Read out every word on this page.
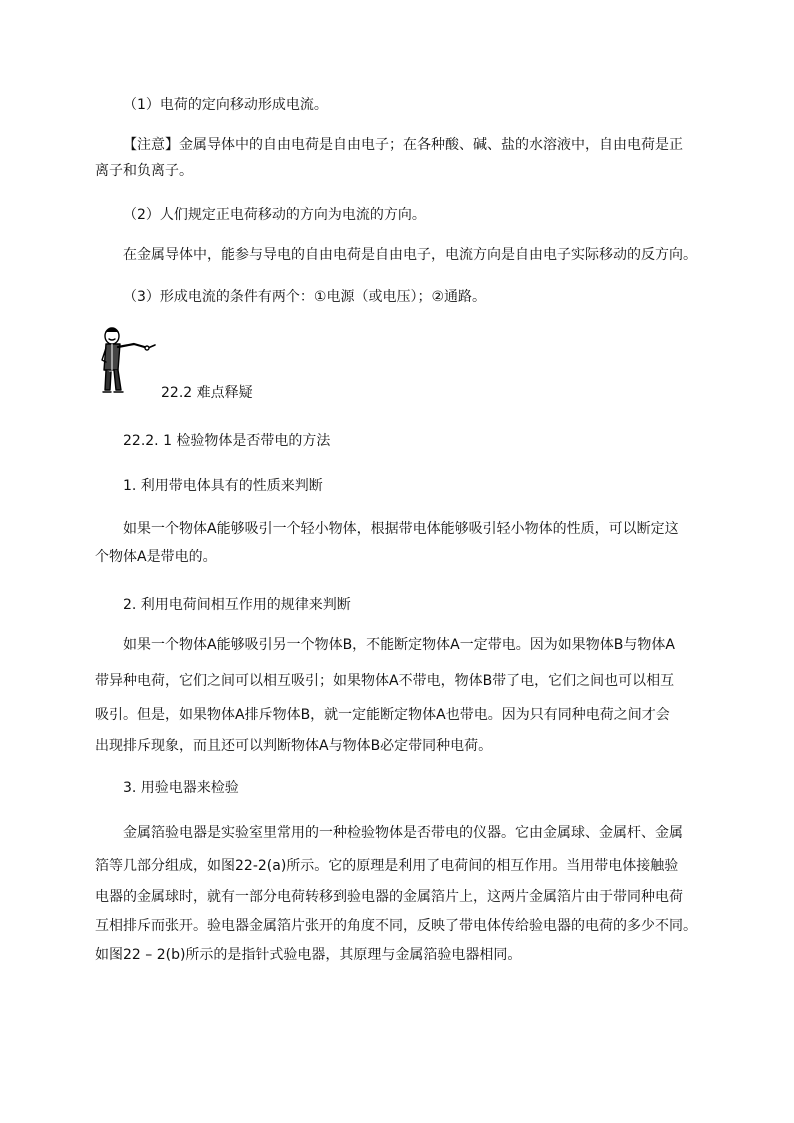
（1）电荷的定向移动形成电流。
【注意】金属导体中的自由电荷是自由电子；在各种酸、碱、盐的水溶液中，自由电荷是正
离子和负离子。
（2）人们规定正电荷移动的方向为电流的方向。
在金属导体中，能参与导电的自由电荷是自由电子，电流方向是自由电子实际移动的反方向。
（3）形成电流的条件有两个：①电源（或电压）；②通路。
22.2 难点释疑
22.2. 1 检验物体是否带电的方法
1. 利用带电体具有的性质来判断
如果一个物体A能够吸引一个轻小物体，根据带电体能够吸引轻小物体的性质，可以断定这
个物体A是带电的。
2. 利用电荷间相互作用的规律来判断
如果一个物体A能够吸引另一个物体B，不能断定物体A一定带电。因为如果物体B与物体A
带异种电荷，它们之间可以相互吸引；如果物体A不带电，物体B带了电，它们之间也可以相互
吸引。但是，如果物体A排斥物体B，就一定能断定物体A也带电。因为只有同种电荷之间才会
出现排斥现象，而且还可以判断物体A与物体B必定带同种电荷。
3. 用验电器来检验
金属箔验电器是实验室里常用的一种检验物体是否带电的仪器。它由金属球、金属杆、金属
箔等几部分组成，如图22-2(a)所示。它的原理是利用了电荷间的相互作用。当用带电体接触验
电器的金属球时，就有一部分电荷转移到验电器的金属箔片上，这两片金属箔片由于带同种电荷
互相排斥而张开。验电器金属箔片张开的角度不同，反映了带电体传给验电器的电荷的多少不同。
如图22 – 2(b)所示的是指针式验电器，其原理与金属箔验电器相同。
